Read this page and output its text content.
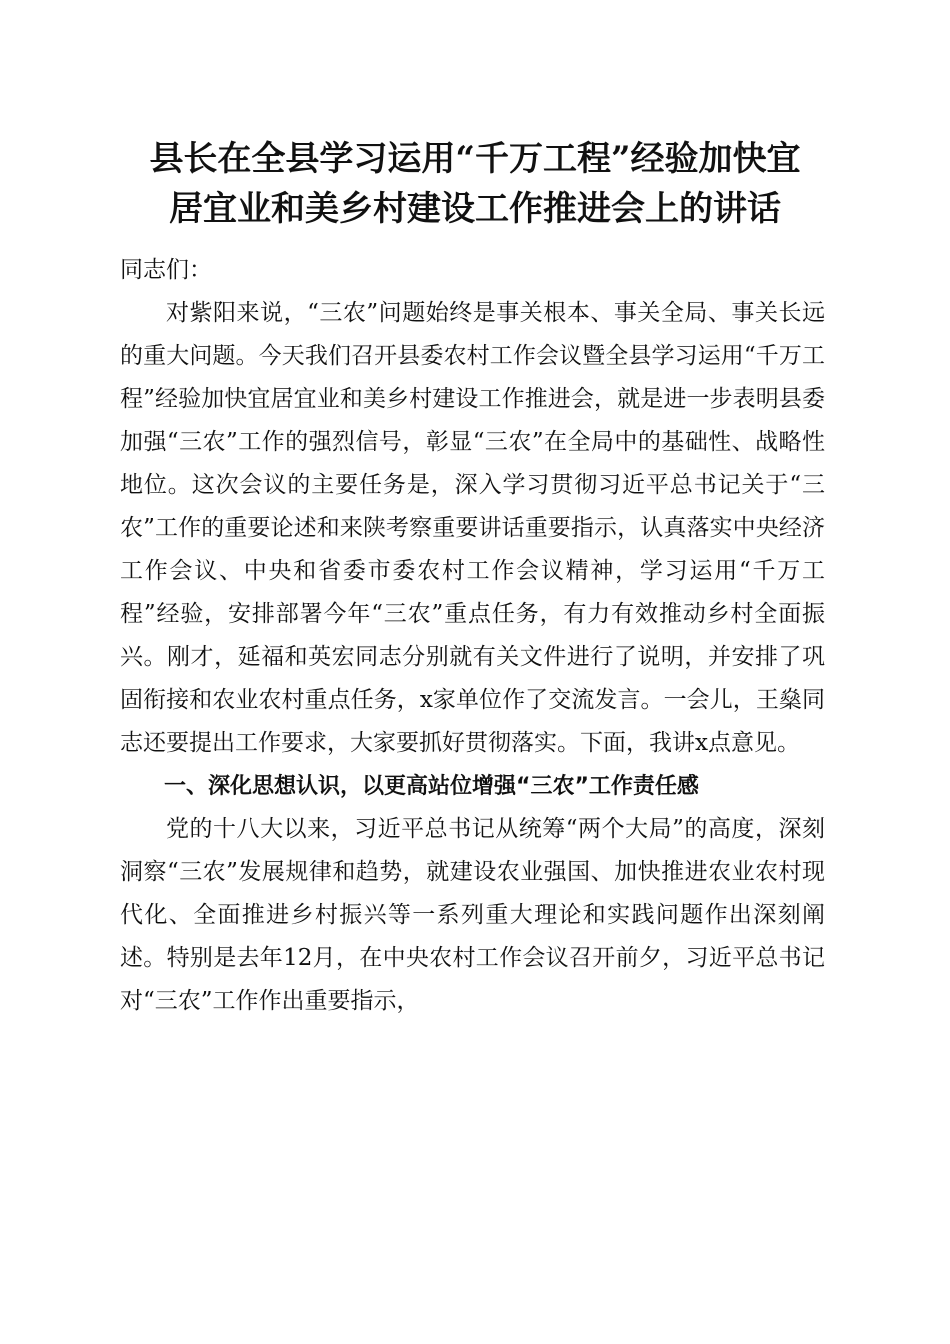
县长在全县学习运用“千万工程”经验加快宜
居宜业和美乡村建设工作推进会上的讲话

同志们：

对紫阳来说，“三农”问题始终是事关根本、事关全局、事关长远的重大问题。今天我们召开县委农村工作会议暨全县学习运用“千万工程”经验加快宜居宜业和美乡村建设工作推进会，就是进一步表明县委加强“三农”工作的强烈信号，彰显“三农”在全局中的基础性、战略性地位。这次会议的主要任务是，深入学习贯彻习近平总书记关于“三农”工作的重要论述和来陕考察重要讲话重要指示，认真落实中央经济工作会议、中央和省委市委农村工作会议精神，学习运用“千万工程”经验，安排部署今年“三农”重点任务，有力有效推动乡村全面振兴。刚才，延福和英宏同志分别就有关文件进行了说明，并安排了巩固衔接和农业农村重点任务，x家单位作了交流发言。一会儿，王燊同志还要提出工作要求，大家要抓好贯彻落实。下面，我讲x点意见。

一、深化思想认识，以更高站位增强“三农”工作责任感

党的十八大以来，习近平总书记从统筹“两个大局”的高度，深刻洞察“三农”发展规律和趋势，就建设农业强国、加快推进农业农村现代化、全面推进乡村振兴等一系列重大理论和实践问题作出深刻阐述。特别是去年12月，在中央农村工作会议召开前夕，习近平总书记对“三农”工作作出重要指示，
